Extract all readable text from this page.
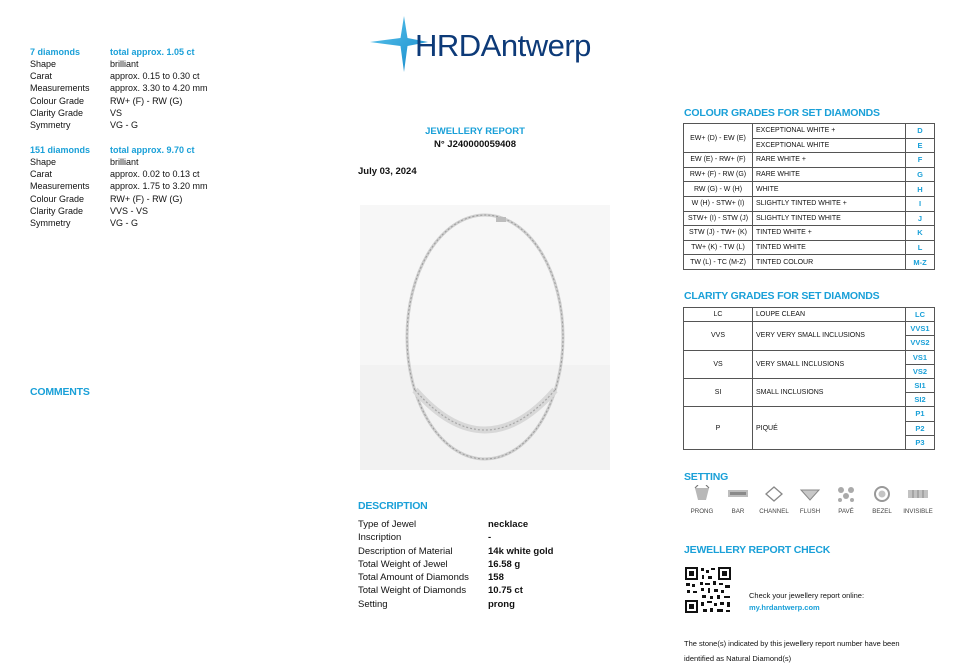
7 diamonds	total approx. 1.05 ct
Shape	brilliant
Carat	approx. 0.15 to 0.30 ct
Measurements	approx. 3.30 to 4.20 mm
Colour Grade	RW+ (F) - RW (G)
Clarity Grade	VS
Symmetry	VG - G
151 diamonds	total approx. 9.70 ct
Shape	brilliant
Carat	approx. 0.02 to 0.13 ct
Measurements	approx. 1.75 to 3.20 mm
Colour Grade	RW+ (F) - RW (G)
Clarity Grade	VVS - VS
Symmetry	VG - G
COMMENTS
HRDAntwerp
JEWELLERY REPORT
N° J240000059408
July 03, 2024
DESCRIPTION
Type of Jewel	necklace
Inscription	-
Description of Material	14k white gold
Total Weight of Jewel	16.58 g
Total Amount of Diamonds	158
Total Weight of Diamonds	10.75 ct
Setting	prong
COLOUR GRADES FOR SET DIAMONDS
EW+ (D) - EW (E)	EXCEPTIONAL WHITE +	D
	EXCEPTIONAL WHITE	E
EW (E) - RW+ (F)	RARE WHITE +	F
RW+ (F) - RW (G)	RARE WHITE	G
RW (G) - W (H)	WHITE	H
W (H) - STW+ (I)	SLIGHTLY TINTED WHITE +	I
STW+ (I) - STW (J)	SLIGHTLY TINTED WHITE	J
STW (J) - TW+ (K)	TINTED WHITE +	K
TW+ (K) - TW (L)	TINTED WHITE	L
TW (L) - TC (M-Z)	TINTED COLOUR	M-Z
CLARITY GRADES FOR SET DIAMONDS
LC	LOUPE CLEAN	LC
VVS	VERY VERY SMALL INCLUSIONS	VVS1
		VVS2
VS	VERY SMALL INCLUSIONS	VS1
		VS2
SI	SMALL INCLUSIONS	SI1
		SI2
P	PIQUÉ	P1
		P2
		P3
SETTING
PRONG	BAR	CHANNEL	FLUSH	PAVÉ	BEZEL	INVISIBLE
JEWELLERY REPORT CHECK
Check your jewellery report online:
my.hrdantwerp.com
The stone(s) indicated by this jewellery report number have been
identified as Natural Diamond(s)
